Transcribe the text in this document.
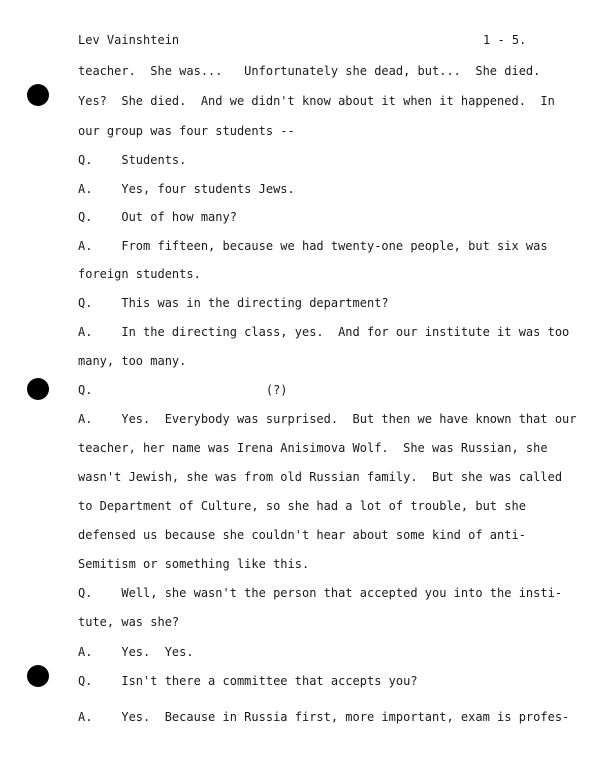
Lev Vainshtein	1 - 5.
teacher.  She was...   Unfortunately she dead, but...  She died.
Yes?  She died.  And we didn't know about it when it happened.  In
our group was four students --
Q.    Students.
A.    Yes, four students Jews.
Q.    Out of how many?
A.    From fifteen, because we had twenty-one people, but six was
foreign students.
Q.    This was in the directing department?
A.    In the directing class, yes.  And for our institute it was too
many, too many.
Q.                        (?)
A.    Yes.  Everybody was surprised.  But then we have known that our
teacher, her name was Irena Anisimova Wolf.  She was Russian, she
wasn't Jewish, she was from old Russian family.  But she was called
to Department of Culture, so she had a lot of trouble, but she
defensed us because she couldn't hear about some kind of anti-
Semitism or something like this.
Q.    Well, she wasn't the person that accepted you into the insti-
tute, was she?
A.    Yes.  Yes.
Q.    Isn't there a committee that accepts you?
A.    Yes.  Because in Russia first, more important, exam is profes-
